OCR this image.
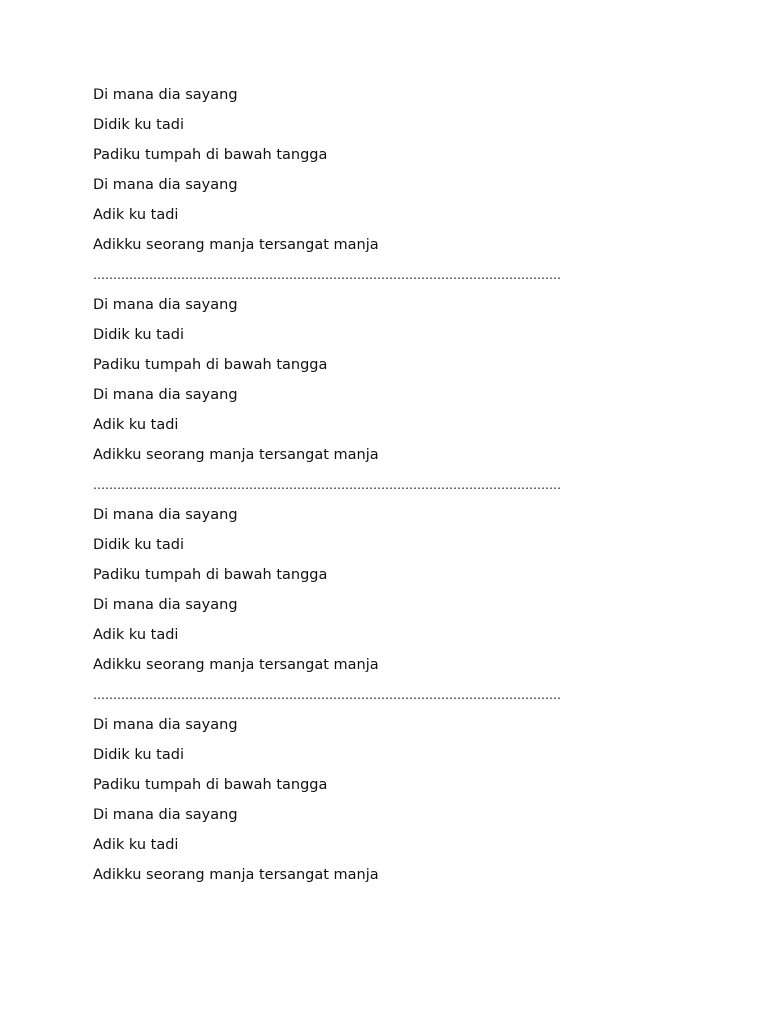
Di mana dia sayang
Didik ku tadi
Padiku tumpah di bawah tangga
Di mana dia sayang
Adik ku tadi
Adikku seorang manja tersangat manja
………………………………………………………………………………………………………
Di mana dia sayang
Didik ku tadi
Padiku tumpah di bawah tangga
Di mana dia sayang
Adik ku tadi
Adikku seorang manja tersangat manja
………………………………………………………………………………………………………
Di mana dia sayang
Didik ku tadi
Padiku tumpah di bawah tangga
Di mana dia sayang
Adik ku tadi
Adikku seorang manja tersangat manja
………………………………………………………………………………………………………
Di mana dia sayang
Didik ku tadi
Padiku tumpah di bawah tangga
Di mana dia sayang
Adik ku tadi
Adikku seorang manja tersangat manja
